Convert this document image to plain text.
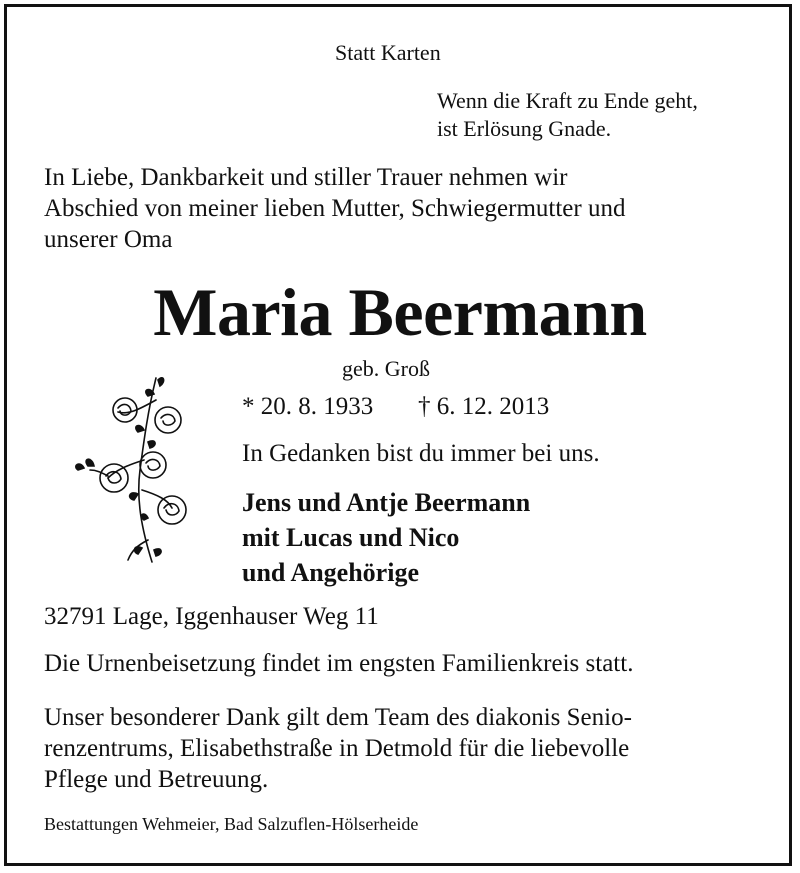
Statt Karten
Wenn die Kraft zu Ende geht,
ist Erlösung Gnade.
In Liebe, Dankbarkeit und stiller Trauer nehmen wir
Abschied von meiner lieben Mutter, Schwiegermutter und
unserer Oma
Maria Beermann
geb. Groß
* 20. 8. 1933 † 6. 12. 2013
In Gedanken bist du immer bei uns.
Jens und Antje Beermann
mit Lucas und Nico
und Angehörige
32791 Lage, Iggenhauser Weg 11
Die Urnenbeisetzung findet im engsten Familienkreis statt.
Unser besonderer Dank gilt dem Team des diakonis Senio-
renzentrums, Elisabethstraße in Detmold für die liebevolle
Pflege und Betreuung.
Bestattungen Wehmeier, Bad Salzuflen-Hölserheide
